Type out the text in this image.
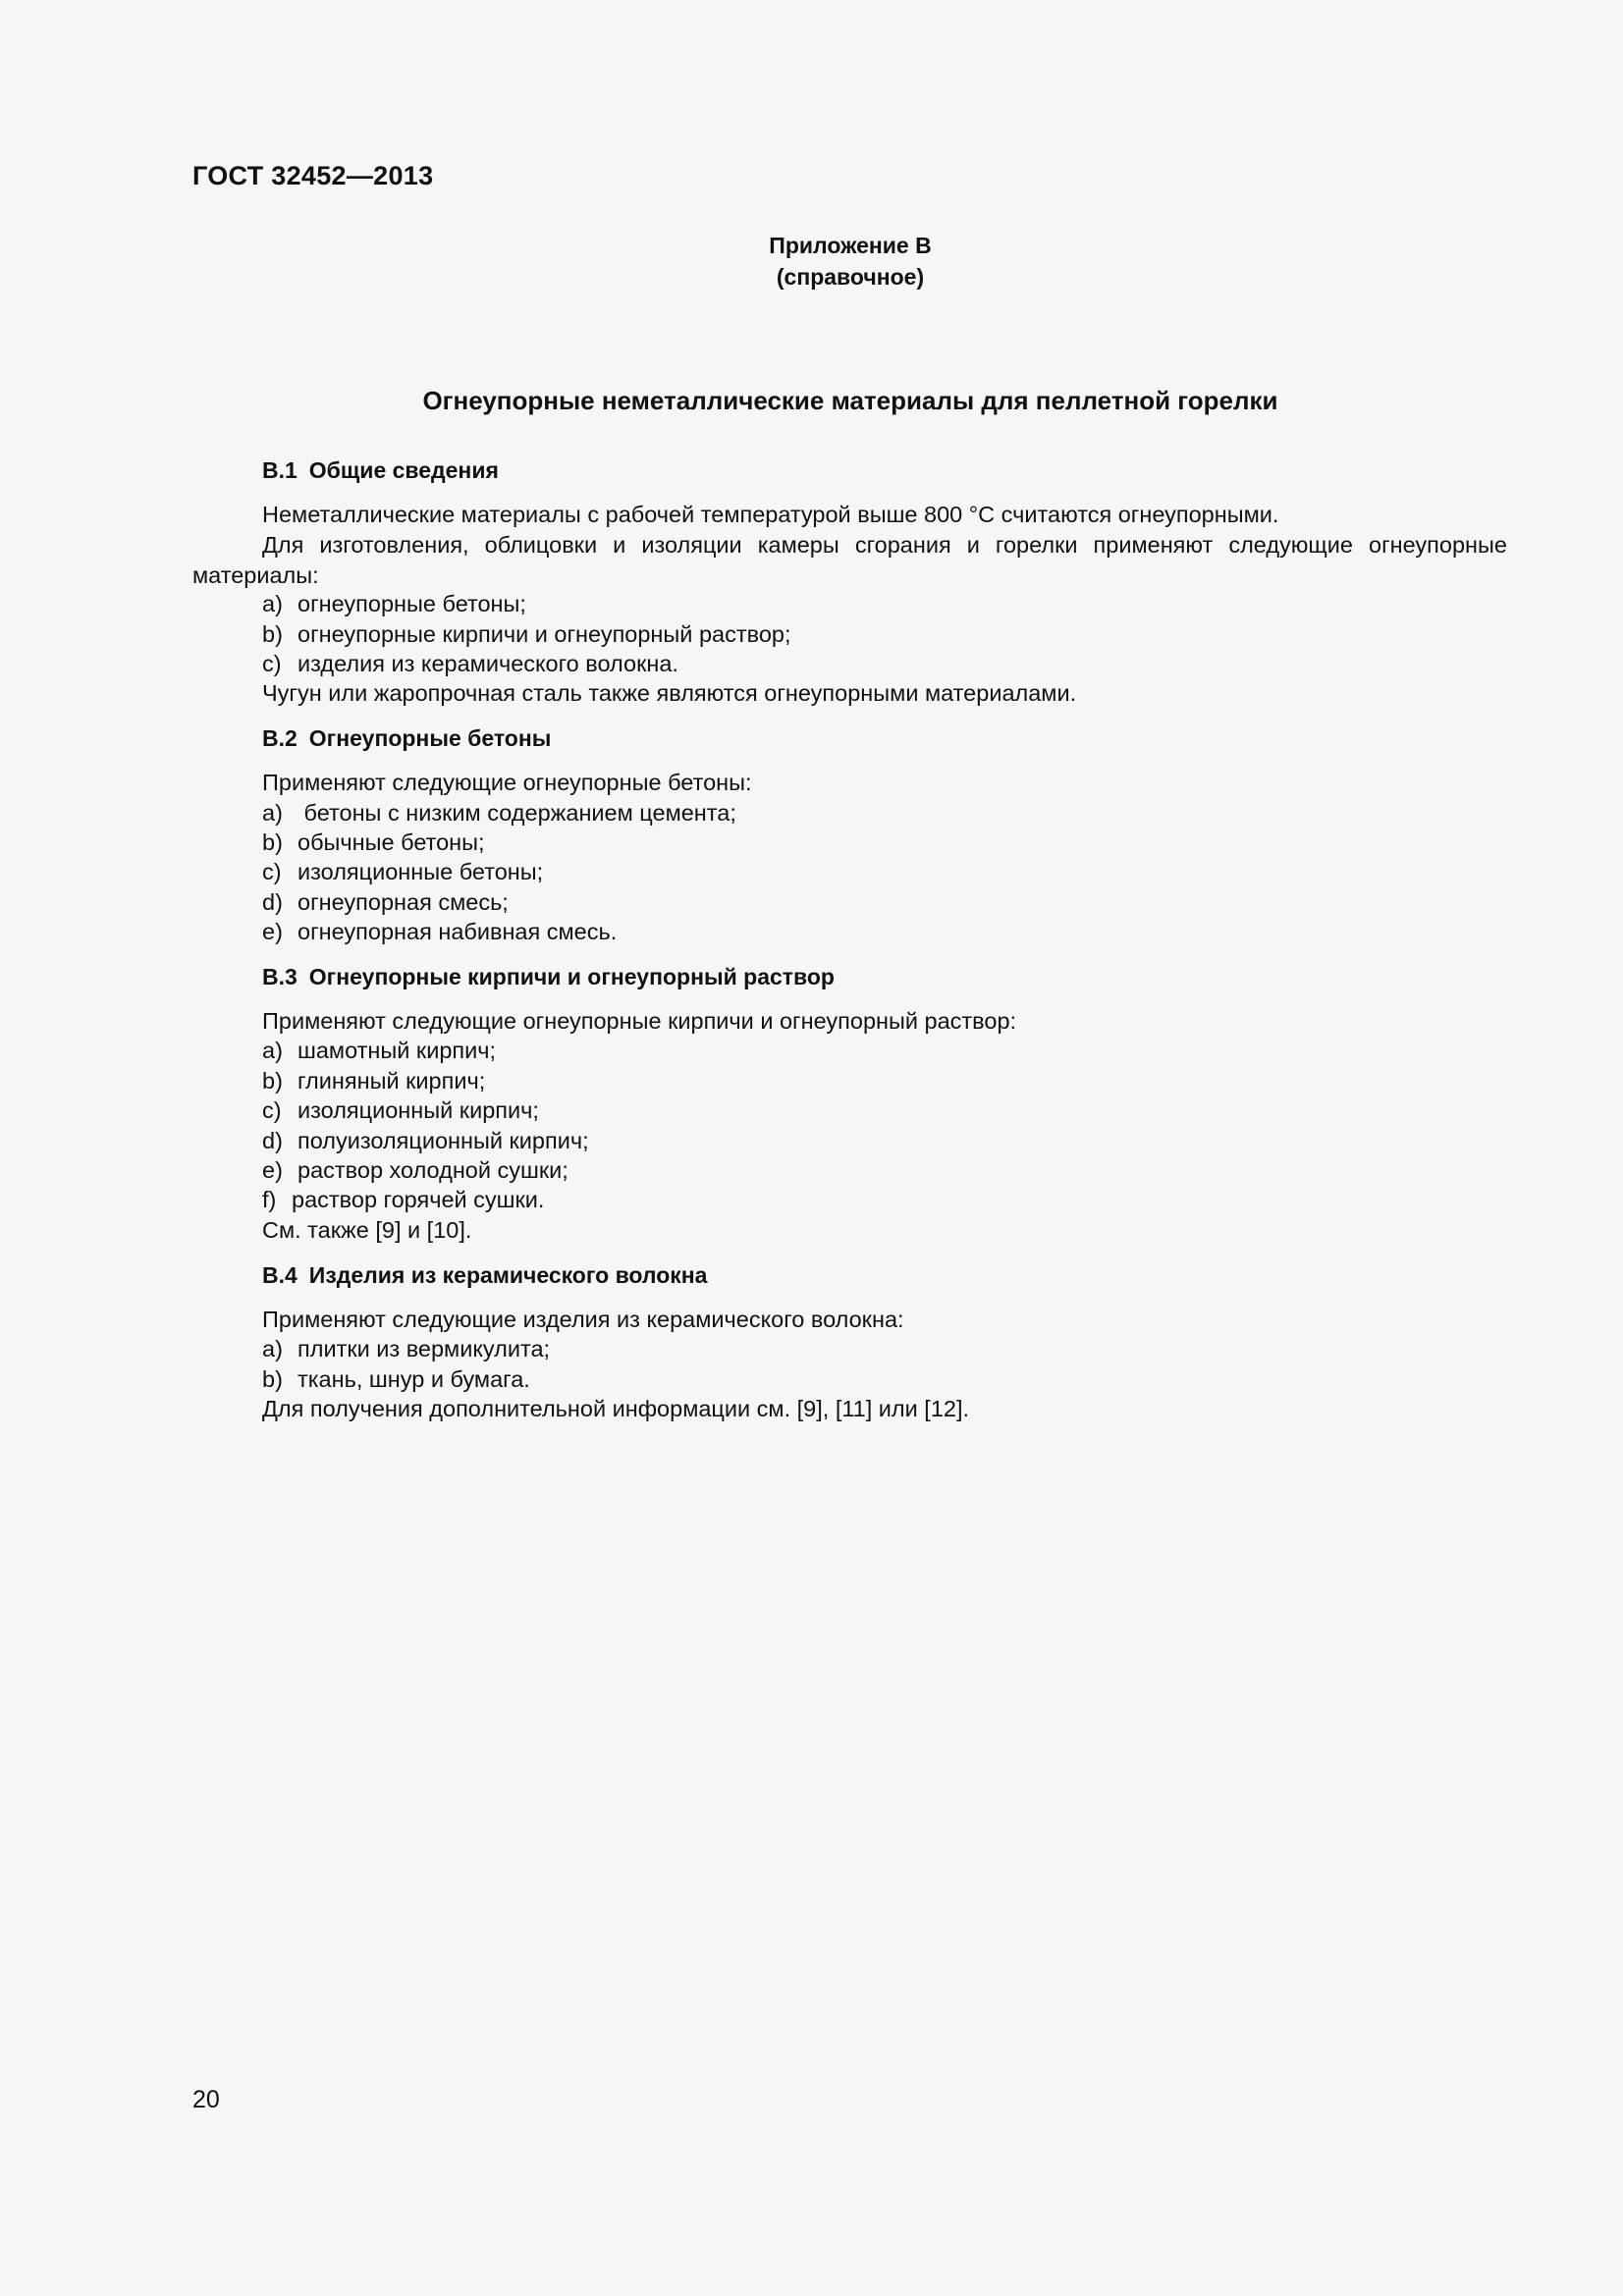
ГОСТ 32452—2013
Приложение В
(справочное)
Огнеупорные неметаллические материалы для пеллетной горелки
В.1 Общие сведения
Неметаллические материалы с рабочей температурой выше 800 °С считаются огнеупорными.
Для изготовления, облицовки и изоляции камеры сгорания и горелки применяют следующие огнеупорные материалы:
a) огнеупорные бетоны;
b) огнеупорные кирпичи и огнеупорный раствор;
c) изделия из керамического волокна.
Чугун или жаропрочная сталь также являются огнеупорными материалами.
В.2 Огнеупорные бетоны
Применяют следующие огнеупорные бетоны:
a) бетоны с низким содержанием цемента;
b) обычные бетоны;
c) изоляционные бетоны;
d) огнеупорная смесь;
e) огнеупорная набивная смесь.
В.3 Огнеупорные кирпичи и огнеупорный раствор
Применяют следующие огнеупорные кирпичи и огнеупорный раствор:
a) шамотный кирпич;
b) глиняный кирпич;
c) изоляционный кирпич;
d) полуизоляционный кирпич;
e) раствор холодной сушки;
f) раствор горячей сушки.
См. также [9] и [10].
В.4 Изделия из керамического волокна
Применяют следующие изделия из керамического волокна:
a) плитки из вермикулита;
b) ткань, шнур и бумага.
Для получения дополнительной информации см. [9], [11] или [12].
20
